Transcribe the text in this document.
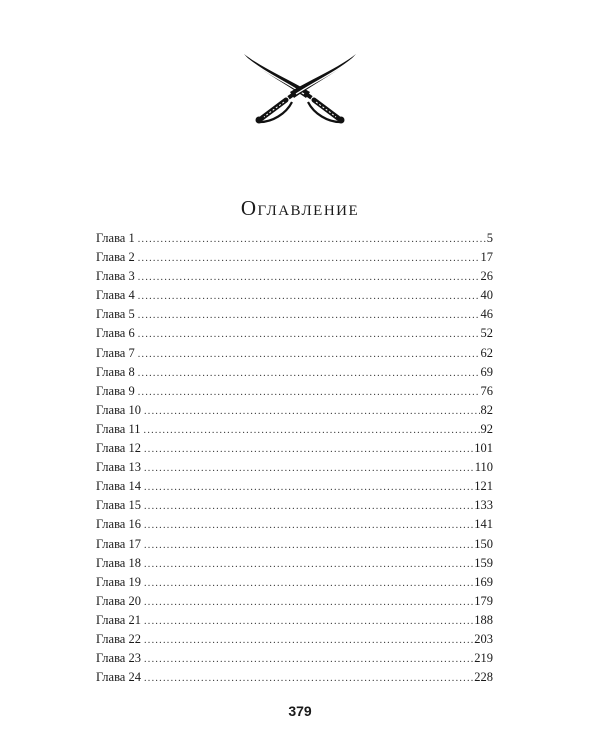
Оглавление
Глава 1 . . .	5
Глава 2 . . .	17
Глава 3 . . .	26
Глава 4 . . .	40
Глава 5 . . .	46
Глава 6 . . .	52
Глава 7 . . .	62
Глава 8 . . .	69
Глава 9 . . .	76
Глава 10 . . .	82
Глава 11 . . .	92
Глава 12 . . .	101
Глава 13 . . .	110
Глава 14 . . .	121
Глава 15 . . .	133
Глава 16 . . .	141
Глава 17 . . .	150
Глава 18 . . .	159
Глава 19 . . .	169
Глава 20 . . .	179
Глава 21 . . .	188
Глава 22 . . .	203
Глава 23 . . .	219
Глава 24 . . .	228
379
